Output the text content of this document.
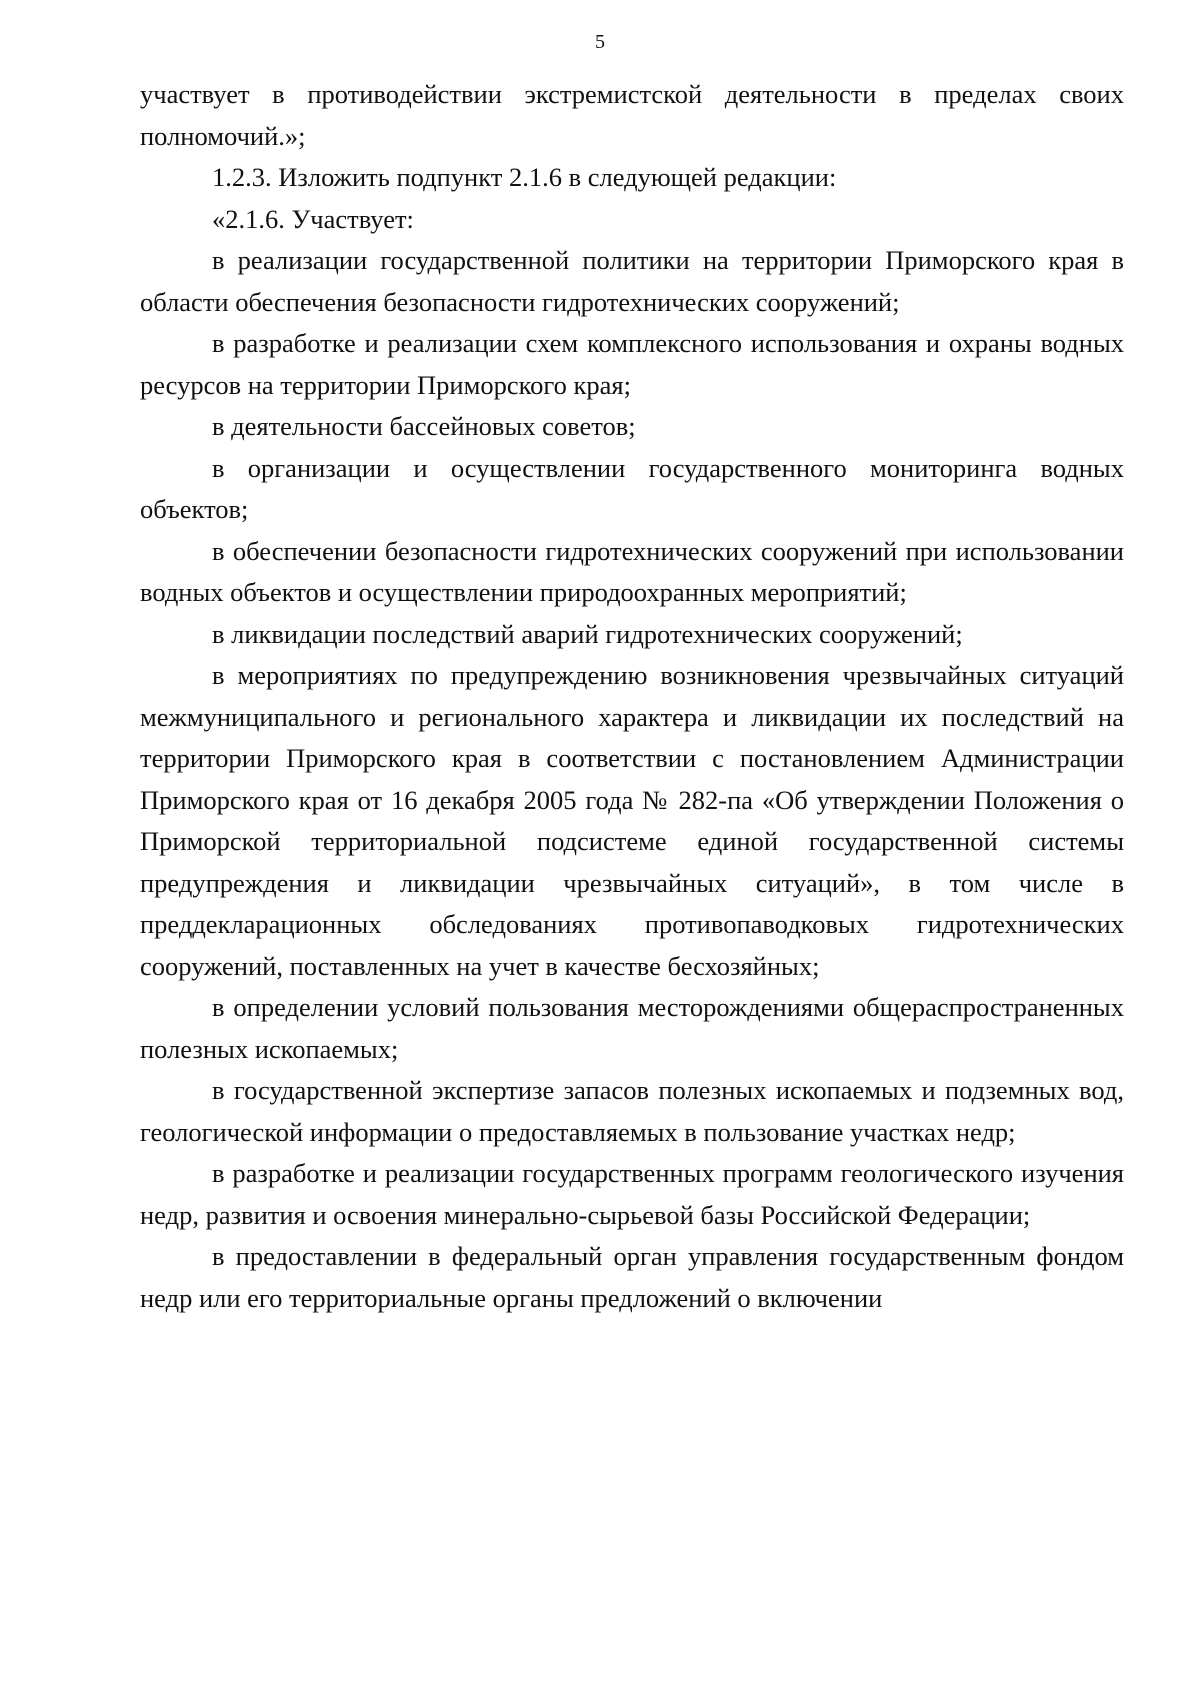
5

участвует в противодействии экстремистской деятельности в пределах своих полномочий.»;

1.2.3. Изложить подпункт 2.1.6 в следующей редакции:

«2.1.6. Участвует:

в реализации государственной политики на территории Приморского края в области обеспечения безопасности гидротехнических сооружений;

в разработке и реализации схем комплексного использования и охраны водных ресурсов на территории Приморского края;

в деятельности бассейновых советов;

в организации и осуществлении государственного мониторинга водных объектов;

в обеспечении безопасности гидротехнических сооружений при использовании водных объектов и осуществлении природоохранных мероприятий;

в ликвидации последствий аварий гидротехнических сооружений;

в мероприятиях по предупреждению возникновения чрезвычайных ситуаций межмуниципального и регионального характера и ликвидации их последствий на территории Приморского края в соответствии с постановлением Администрации Приморского края от 16 декабря 2005 года № 282-па «Об утверждении Положения о Приморской территориальной подсистеме единой государственной системы предупреждения и ликвидации чрезвычайных ситуаций», в том числе в преддекларационных обследованиях противопаводковых гидротехнических сооружений, поставленных на учет в качестве бесхозяйных;

в определении условий пользования месторождениями общераспространенных полезных ископаемых;

в государственной экспертизе запасов полезных ископаемых и подземных вод, геологической информации о предоставляемых в пользование участках недр;

в разработке и реализации государственных программ геологического изучения недр, развития и освоения минерально-сырьевой базы Российской Федерации;

в предоставлении в федеральный орган управления государственным фондом недр или его территориальные органы предложений о включении
